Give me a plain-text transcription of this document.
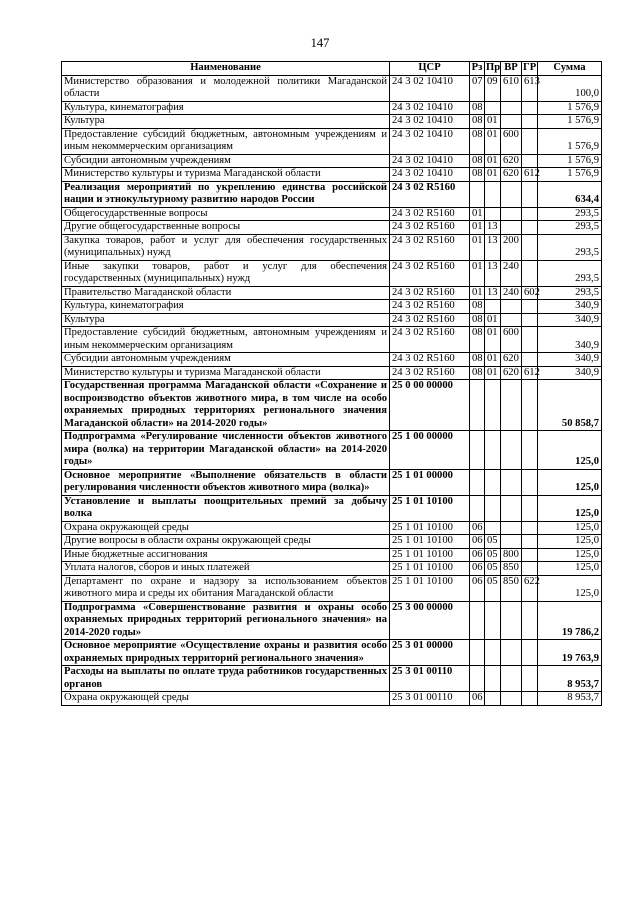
147
Наименование	ЦСР	Рз	Пр	ВР	ГР	Сумма
Министерство образования и молодежной политики Магаданской области	24 3 02 10410	07	09	610	613	100,0
Культура, кинематография	24 3 02 10410	08				1 576,9
Культура	24 3 02 10410	08	01			1 576,9
Предоставление субсидий бюджетным, автономным учреждениям и иным некоммерческим организациям	24 3 02 10410	08	01	600		1 576,9
Субсидии автономным учреждениям	24 3 02 10410	08	01	620		1 576,9
Министерство культуры и туризма Магаданской области	24 3 02 10410	08	01	620	612	1 576,9
Реализация мероприятий по укреплению единства российской нации и этнокультурному развитию народов России	24 3 02 R5160					634,4
Общегосударственные вопросы	24 3 02 R5160	01				293,5
Другие общегосударственные вопросы	24 3 02 R5160	01	13			293,5
Закупка товаров, работ и услуг для обеспечения государственных (муниципальных) нужд	24 3 02 R5160	01	13	200		293,5
Иные закупки товаров, работ и услуг для обеспечения государственных (муниципальных) нужд	24 3 02 R5160	01	13	240		293,5
Правительство Магаданской области	24 3 02 R5160	01	13	240	602	293,5
Культура, кинематография	24 3 02 R5160	08				340,9
Культура	24 3 02 R5160	08	01			340,9
Предоставление субсидий бюджетным, автономным учреждениям и иным некоммерческим организациям	24 3 02 R5160	08	01	600		340,9
Субсидии автономным учреждениям	24 3 02 R5160	08	01	620		340,9
Министерство культуры и туризма Магаданской области	24 3 02 R5160	08	01	620	612	340,9
Государственная программа Магаданской области «Сохранение и воспроизводство объектов животного мира, в том числе на особо охраняемых природных территориях регионального значения Магаданской области» на 2014-2020 годы»	25 0 00 00000					50 858,7
Подпрограмма «Регулирование численности объектов животного мира (волка) на территории Магаданской области» на 2014-2020 годы»	25 1 00 00000					125,0
Основное мероприятие «Выполнение обязательств в области регулирования численности объектов животного мира (волка)»	25 1 01 00000					125,0
Установление и выплаты поощрительных премий за добычу волка	25 1 01 10100					125,0
Охрана окружающей среды	25 1 01 10100	06				125,0
Другие вопросы в области охраны окружающей среды	25 1 01 10100	06	05			125,0
Иные бюджетные ассигнования	25 1 01 10100	06	05	800		125,0
Уплата налогов, сборов и иных платежей	25 1 01 10100	06	05	850		125,0
Департамент по охране и надзору за использованием объектов животного мира и среды их обитания Магаданской области	25 1 01 10100	06	05	850	622	125,0
Подпрограмма «Совершенствование развития и охраны особо охраняемых природных территорий регионального значения» на 2014-2020 годы»	25 3 00 00000					19 786,2
Основное мероприятие «Осуществление охраны и развития особо охраняемых природных территорий регионального значения»	25 3 01 00000					19 763,9
Расходы на выплаты по оплате труда работников государственных органов	25 3 01 00110					8 953,7
Охрана окружающей среды	25 3 01 00110	06				8 953,7
